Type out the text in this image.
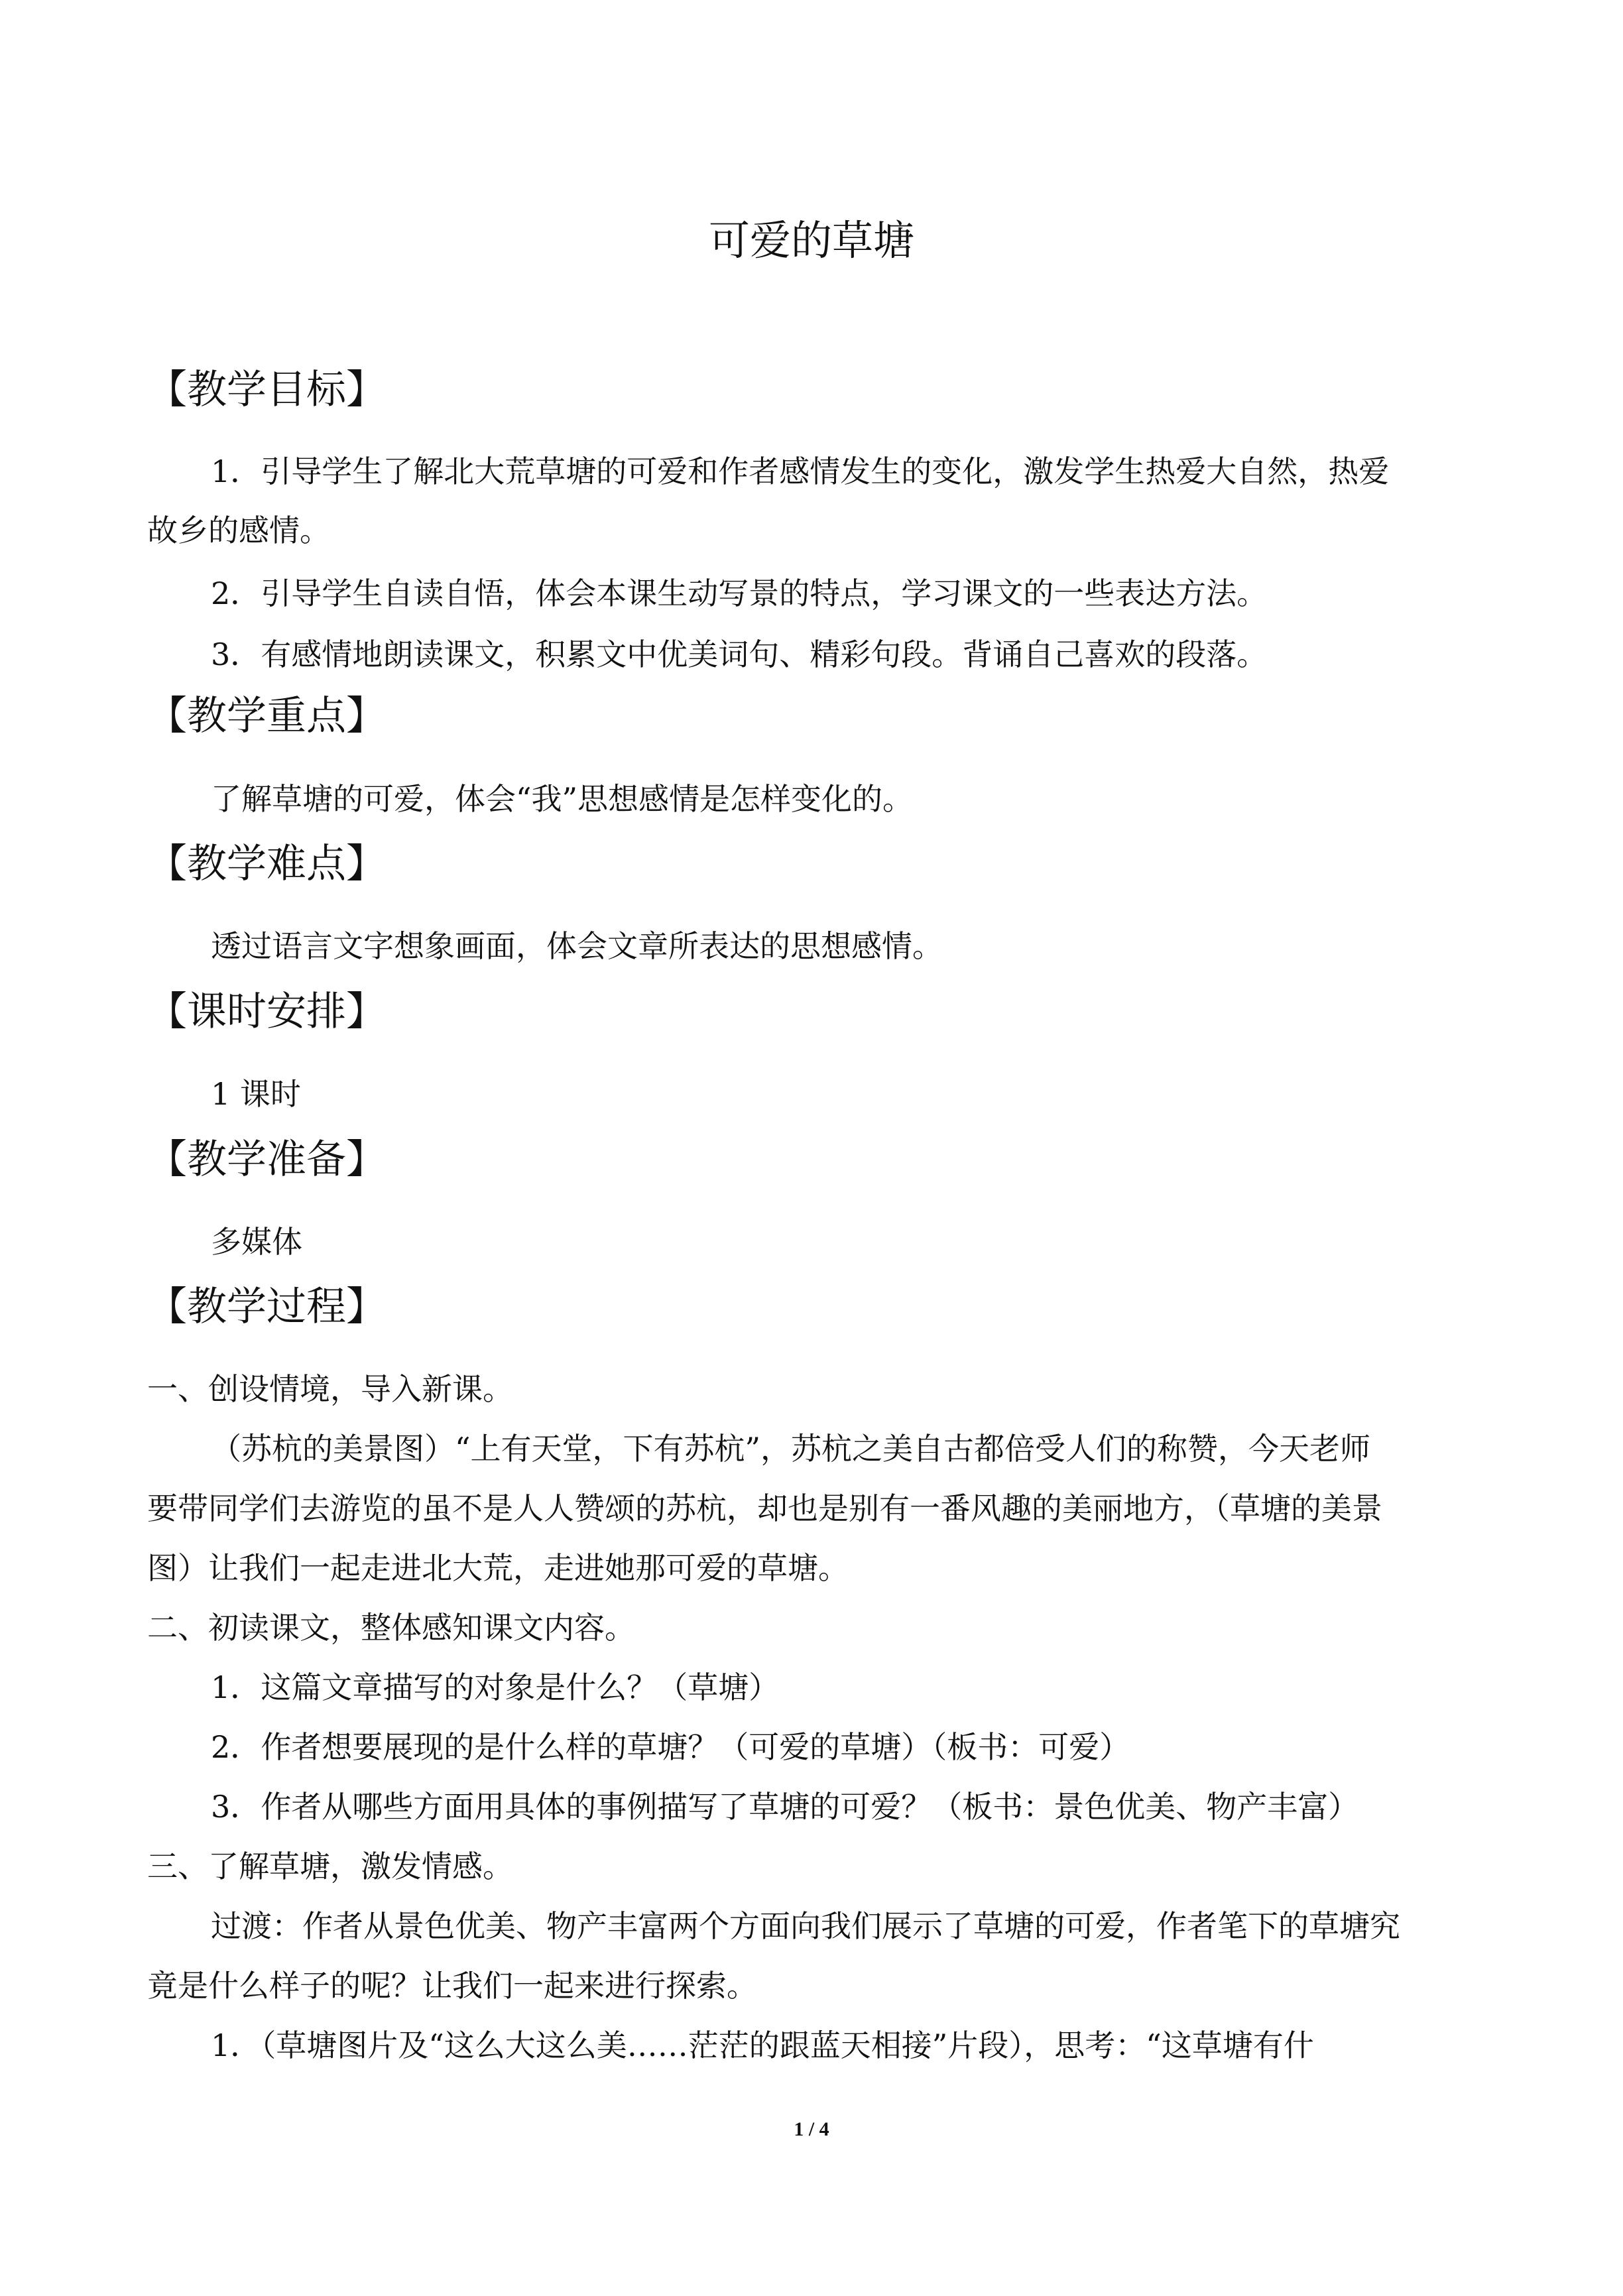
可爱的草塘
【教学目标】
1．引导学生了解北大荒草塘的可爱和作者感情发生的变化，激发学生热爱大自然，热爱
故乡的感情。
2．引导学生自读自悟，体会本课生动写景的特点，学习课文的一些表达方法。
3．有感情地朗读课文，积累文中优美词句、精彩句段。背诵自己喜欢的段落。
【教学重点】
了解草塘的可爱，体会“我”思想感情是怎样变化的。
【教学难点】
透过语言文字想象画面，体会文章所表达的思想感情。
【课时安排】
1 课时
【教学准备】
多媒体
【教学过程】
一、创设情境，导入新课。
（苏杭的美景图）“上有天堂，下有苏杭”，苏杭之美自古都倍受人们的称赞，今天老师
要带同学们去游览的虽不是人人赞颂的苏杭，却也是别有一番风趣的美丽地方，（草塘的美景
图）让我们一起走进北大荒，走进她那可爱的草塘。
二、初读课文，整体感知课文内容。
1．这篇文章描写的对象是什么？（草塘）
2．作者想要展现的是什么样的草塘？（可爱的草塘）（板书：可爱）
3．作者从哪些方面用具体的事例描写了草塘的可爱？（板书：景色优美、物产丰富）
三、了解草塘，激发情感。
过渡：作者从景色优美、物产丰富两个方面向我们展示了草塘的可爱，作者笔下的草塘究
竟是什么样子的呢？让我们一起来进行探索。
1．（草塘图片及“这么大这么美……茫茫的跟蓝天相接”片段），思考：“这草塘有什
1 / 4
